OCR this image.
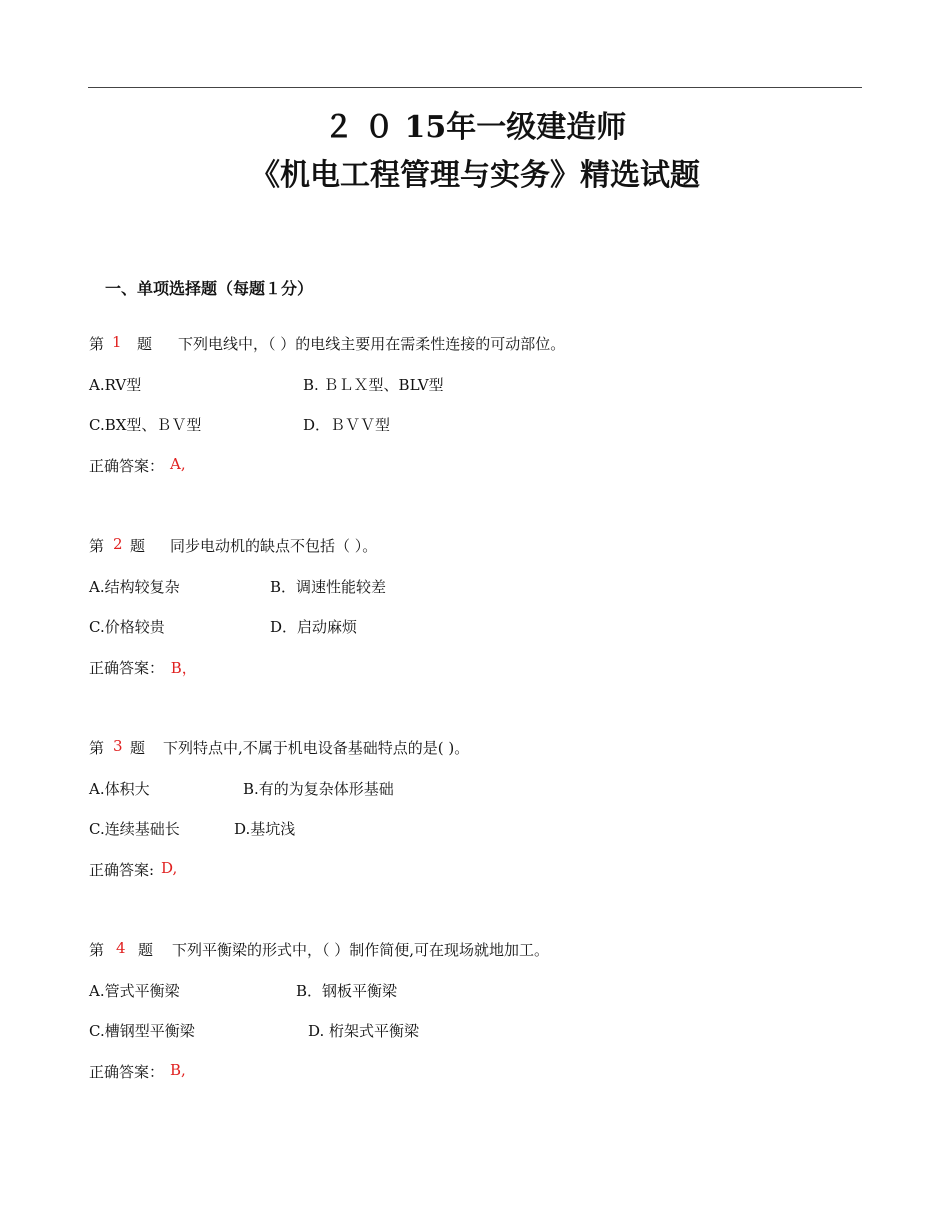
２ ０ 15年一级建造师
《机电工程管理与实务》精选试题
一、单项选择题（每题１分）
第 1 题 下列电线中，（ ）的电线主要用在需柔性连接的可动部位。
A.RV型	B. ＢＬＸ型、BLV型
C.BX型、ＢＶ型	D．ＢＶＶ型
正确答案： A,
第 2 题 同步电动机的缺点不包括（ ）。
A.结构较复杂	B．调速性能较差
C.价格较贵	D．启动麻烦
正确答案： B，
第 3 题 下列特点中,不属于机电设备基础特点的是( )。
A.体积大	B.有的为复杂体形基础
C.连续基础长	D.基坑浅
正确答案: D,
第 4 题 下列平衡梁的形式中，（ ）制作简便,可在现场就地加工。
A.管式平衡梁	B．钢板平衡梁
C.槽钢型平衡梁	D. 桁架式平衡梁
正确答案： B,
